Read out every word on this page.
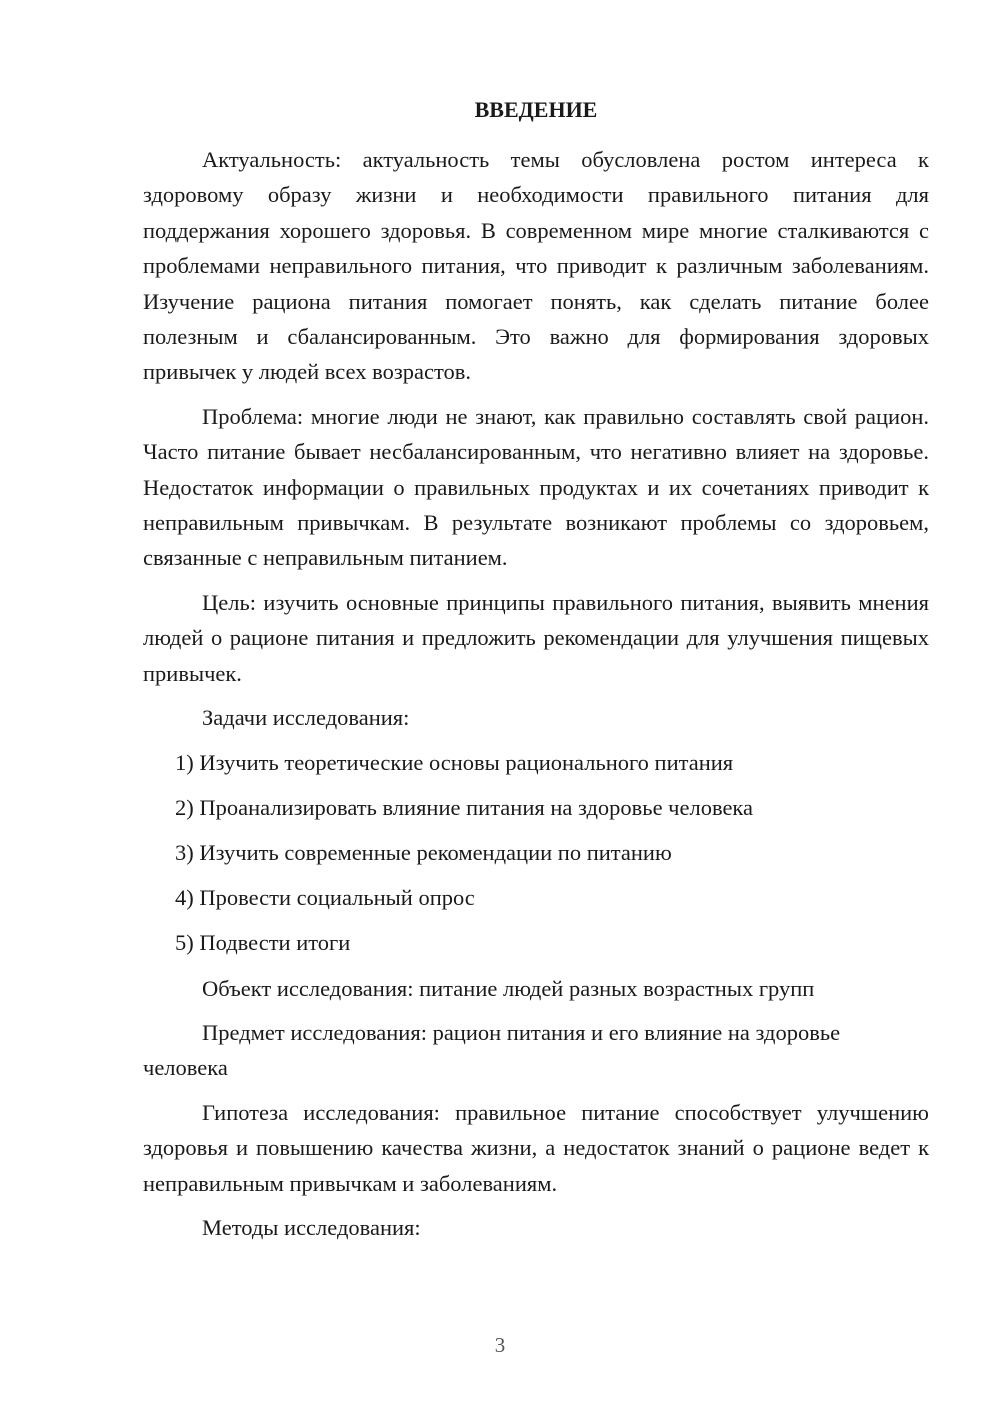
ВВЕДЕНИЕ

Актуальность: актуальность темы обусловлена ростом интереса к здоровому образу жизни и необходимости правильного питания для поддержания хорошего здоровья. В современном мире многие сталкиваются с проблемами неправильного питания, что приводит к различным заболеваниям. Изучение рациона питания помогает понять, как сделать питание более полезным и сбалансированным. Это важно для формирования здоровых привычек у людей всех возрастов.

Проблема: многие люди не знают, как правильно составлять свой рацион. Часто питание бывает несбалансированным, что негативно влияет на здоровье. Недостаток информации о правильных продуктах и их сочетаниях приводит к неправильным привычкам. В результате возникают проблемы со здоровьем, связанные с неправильным питанием.

Цель: изучить основные принципы правильного питания, выявить мнения людей о рационе питания и предложить рекомендации для улучшения пищевых привычек.

Задачи исследования:

1) Изучить теоретические основы рационального питания

2) Проанализировать влияние питания на здоровье человека

3) Изучить современные рекомендации по питанию

4) Провести социальный опрос

5) Подвести итоги

Объект исследования: питание людей разных возрастных групп

Предмет исследования: рацион питания и его влияние на здоровье человека

Гипотеза исследования: правильное питание способствует улучшению здоровья и повышению качества жизни, а недостаток знаний о рационе ведет к неправильным привычкам и заболеваниям.

Методы исследования:

3
